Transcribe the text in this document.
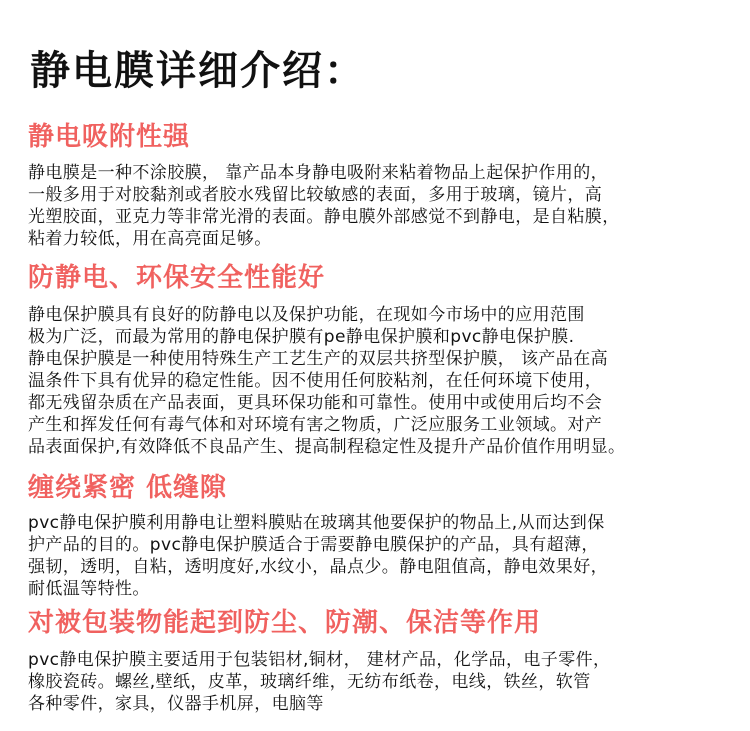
静电膜详细介绍：
静电吸附性强
静电膜是一种不涂胶膜， 靠产品本身静电吸附来粘着物品上起保护作用的，
一般多用于对胶黏剂或者胶水残留比较敏感的表面，多用于玻璃，镜片，高
光塑胶面，亚克力等非常光滑的表面。静电膜外部感觉不到静电，是自粘膜，
粘着力较低，用在高亮面足够。
防静电、环保安全性能好
静电保护膜具有良好的防静电以及保护功能，在现如今市场中的应用范围
极为广泛，而最为常用的静电保护膜有pe静电保护膜和pvc静电保护膜.
静电保护膜是一种使用特殊生产工艺生产的双层共挤型保护膜， 该产品在高
温条件下具有优异的稳定性能。因不使用任何胶粘剂，在任何环境下使用，
都无残留杂质在产品表面，更具环保功能和可靠性。使用中或使用后均不会
产生和挥发任何有毒气体和对环境有害之物质，广泛应服务工业领域。对产
品表面保护,有效降低不良品产生、提高制程稳定性及提升产品价值作用明显。
缠绕紧密 低缝隙
pvc静电保护膜利用静电让塑料膜贴在玻璃其他要保护的物品上,从而达到保
护产品的目的。pvc静电保护膜适合于需要静电膜保护的产品，具有超薄，
强韧，透明，自粘，透明度好,水纹小，晶点少。静电阻值高，静电效果好，
耐低温等特性。
对被包装物能起到防尘、防潮、保洁等作用
pvc静电保护膜主要适用于包装铝材,铜材， 建材产品，化学品，电子零件，
橡胶瓷砖。螺丝,壁纸，皮革，玻璃纤维，无纺布纸卷，电线，铁丝，软管
各种零件，家具，仪器手机屏，电脑等
